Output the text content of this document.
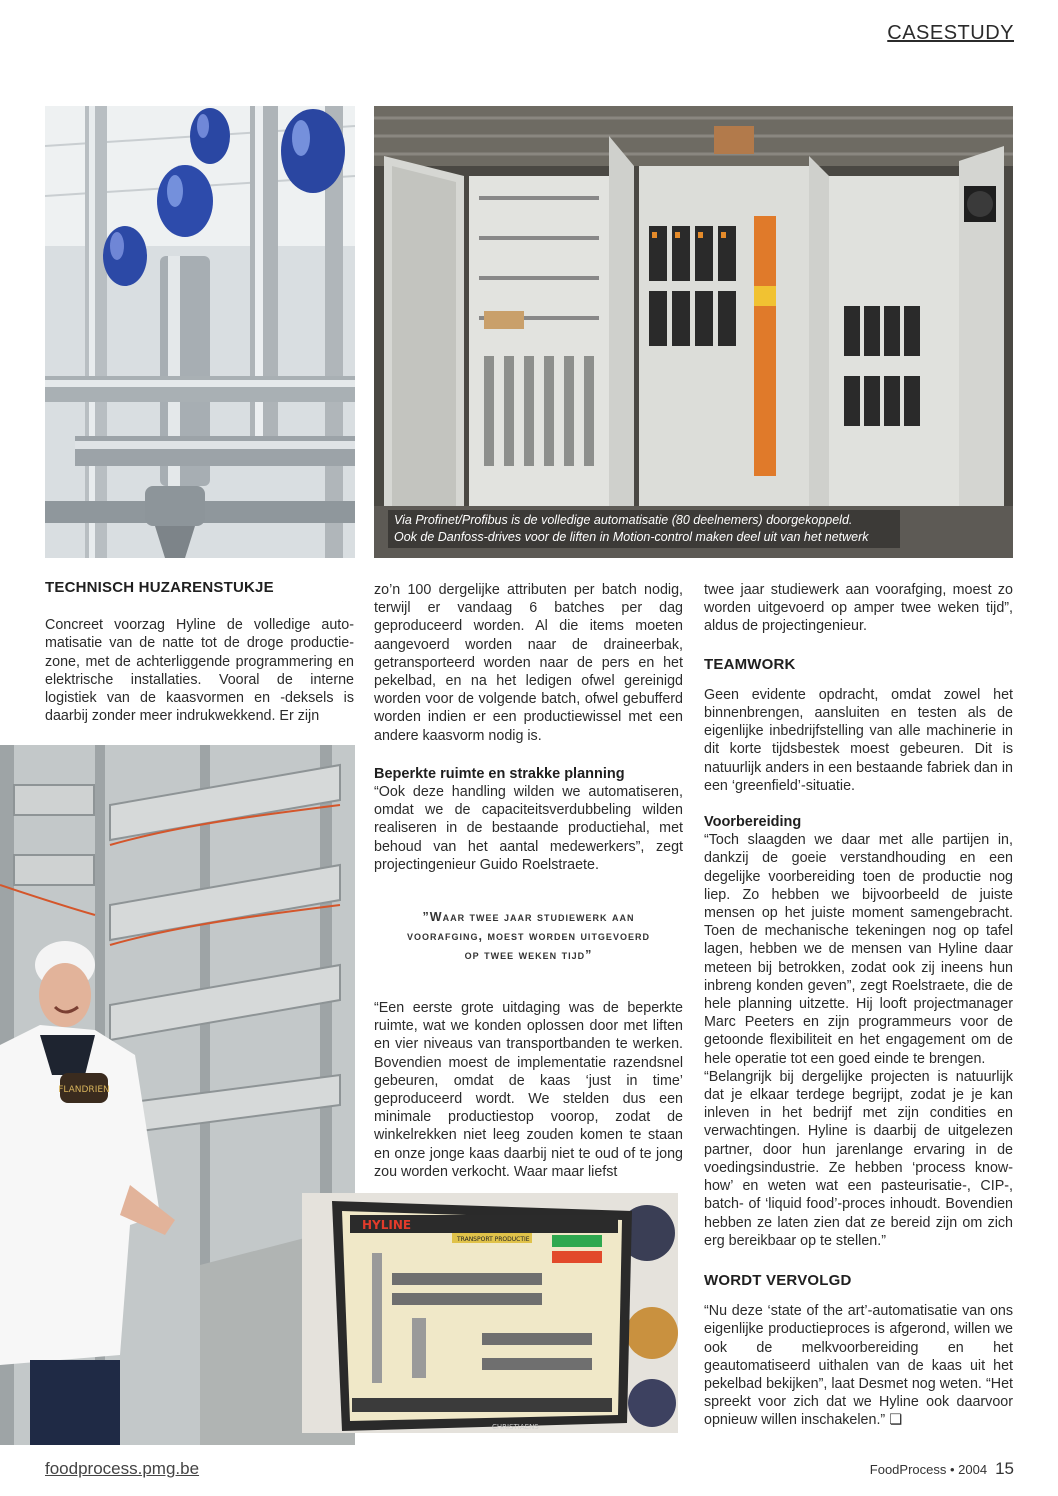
CASESTUDY
Via Profinet/Profibus is de volledige automatisatie (80 deelnemers) doorgekoppeld.
Ook de Danfoss-drives voor de liften in Motion-control maken deel uit van het netwerk
FLANDRIEN
HYLINE
TRANSPORT PRODUCTIE
CHRISTIAENS
TECHNISCH HUZARENSTUKJE

Concreet voorzag Hyline de volledige automatisatie van de natte tot de droge productiezone, met de achterliggende programmering en elektrische installaties. Vooral de interne logistiek van de kaasvormen en -deksels is daarbij zonder meer indrukwekkend. Er zijn

zo’n 100 dergelijke attributen per batch nodig, terwijl er vandaag 6 batches per dag geproduceerd worden. Al die items moeten aangevoerd worden naar de draineerbak, getransporteerd worden naar de pers en het pekelbad, en na het ledigen ofwel gereinigd worden voor de volgende batch, ofwel gebufferd worden indien er een productiewissel met een andere kaasvorm nodig is.

Beperkte ruimte en strakke planning

“Ook deze handling wilden we automatiseren, omdat we de capaciteitsverdubbeling wilden realiseren in de bestaande productiehal, met behoud van het aantal medewerkers”, zegt projectingenieur Guido Roelstraete.

”Waar twee jaar studiewerk aan
voorafging, moest worden uitgevoerd
op twee weken tijd”

“Een eerste grote uitdaging was de beperkte ruimte, wat we konden oplossen door met liften en vier niveaus van transportbanden te werken. Bovendien moest de implementatie razendsnel gebeuren, omdat de kaas ‘just in time’ geproduceerd wordt. We stelden dus een minimale productiestop voorop, zodat de winkelrekken niet leeg zouden komen te staan en onze jonge kaas daarbij niet te oud of te jong zou worden verkocht. Waar maar liefst

twee jaar studiewerk aan voorafging, moest zo worden uitgevoerd op amper twee weken tijd”, aldus de projectingenieur.

TEAMWORK

Geen evidente opdracht, omdat zowel het binnenbrengen, aansluiten en testen als de eigenlijke inbedrijfstelling van alle machinerie in dit korte tijdsbestek moest gebeuren. Dit is natuurlijk anders in een bestaande fabriek dan in een ‘greenfield’-situatie.

Voorbereiding

“Toch slaagden we daar met alle partijen in, dankzij de goeie verstandhouding en een degelijke voorbereiding toen de productie nog liep. Zo hebben we bijvoorbeeld de juiste mensen op het juiste moment samengebracht. Toen de mechanische tekeningen nog op tafel lagen, hebben we de mensen van Hyline daar meteen bij betrokken, zodat ook zij ineens hun inbreng konden geven”, zegt Roelstraete, die de hele planning uitzette. Hij looft projectmanager Marc Peeters en zijn programmeurs voor de getoonde flexibiliteit en het engagement om de hele operatie tot een goed einde te brengen.

“Belangrijk bij dergelijke projecten is natuurlijk dat je elkaar terdege begrijpt, zodat je je kan inleven in het bedrijf met zijn condities en verwachtingen. Hyline is daarbij de uitgelezen partner, door hun jarenlange ervaring in de voedingsindustrie. Ze hebben ‘process know-how’ en weten wat een pasteurisatie-, CIP-, batch- of ‘liquid food’-proces inhoudt. Bovendien hebben ze laten zien dat ze bereid zijn om zich erg bereikbaar op te stellen.”

WORDT VERVOLGD

“Nu deze ‘state of the art’-automatisatie van ons eigenlijke productieproces is afgerond, willen we ook de melkvoorbereiding en het geautomatiseerd uithalen van de kaas uit het pekelbad bekijken”, laat Desmet nog weten. “Het spreekt voor zich dat we Hyline ook daarvoor opnieuw willen inschakelen.” ❏

foodprocess.pmg.be	FoodProcess • 2004 15
